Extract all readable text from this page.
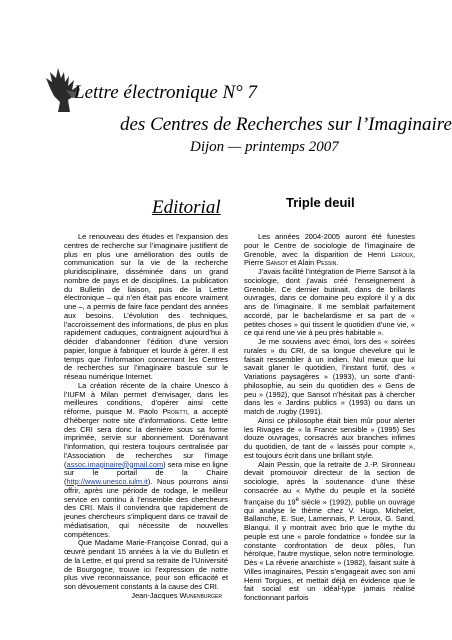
Lettre électronique N° 7
des Centres de Recherches sur l’Imaginaire
Dijon — printemps 2007
Editorial	Triple deuil

Le renouveau des études et l’expansion des centres de recherche sur l’imaginaire justifient de plus en plus une amélioration des outils de communication sur la vie de la recherche pluridisciplinaire, disséminée dans un grand nombre de pays et de disciplines. La publication du Bulletin de liaison, puis de la Lettre électronique – qui n’en était pas encore vraiment une –, a permis de faire face pendant des années aux besoins. L’évolution des techniques, l’accroissement des informations, de plus en plus rapidement caduques, contraignent aujourd’hui à décider d’abandonner l’édition d’une version papier, longue à fabriquer et lourde à gérer. Il est temps que l’information concernant les Centres de recherches sur l’imaginaire bascule sur le réseau numérique Internet.

La création récente de la chaire Unesco à l’IUFM à Milan permet d’envisager, dans les meilleures conditions, d’opérer ainsi cette réforme, puisque M. Paolo Proietti, a accepté d’héberger notre site d’informations. Cette lettre des CRI sera donc la dernière sous sa forme imprimée, servie sur abonnement. Dorénavant l’information, qui restera toujours centralisée par l’Association de recherches sur l’image (assoc.imaginaire@gmail.com) sera mise en ligne sur le portail de la Chaire (http://www.unesco.iulm.it). Nous pourrons ainsi offrir, après une période de rodage, le meilleur service en continu à l’ensemble des chercheurs des CRI. Mais il conviendra que rapidement de jeunes chercheurs s’impliquent dans ce travail de médiatisation, qui nécessite de nouvelles compétences.

Que Madame Marie-Françoise Conrad, qui a œuvré pendant 15 années à la vie du Bulletin et de la Lettre, et qui prend sa retraite de l’Université de Bourgogne, trouve ici l’expression de notre plus vive reconnaissance, pour son efficacité et son dévouement constants à la cause des CRI.

Jean-Jacques Wunenburger

Les années 2004-2005 auront été funestes pour le Centre de sociologie de l’imaginaire de Grenoble, avec la disparition de Henri Leroux, Pierre Sansot et Alain Pessin.

J’avais facilité l’intégration de Pierre Sansot à la sociologie, dont j’avais créé l’enseignement à Grenoble. Ce dernier butinait, dans de brillants ouvrages, dans ce domaine peu exploré il y a dix ans de l’imaginaire. Il me semblait parfaitement accordé, par le bachelardisme et sa part de « petites choses » qui tissent le quotidien d’une vie, « ce qui rend une vie à peu près habitable ».

Je me souviens avec émoi, lors des « soirées rurales » du CRI, de sa longue chevelure qui le faisait ressembler à un indien. Nul mieux que lui savait glaner le quotidien, l’instant furtif, des « Variations paysagères » (1993), un sorte d’anti-philosophie, au sein du quotidien des « Gens de peu » (1992), que Sansot n’hésitait pas à chercher dans les « Jardins publics » (1993) ou dans un match de .rugby (1991).

Ainsi ce philosophe était bien mûr pour alerter les Rivages de « la France sensible » (1995) Ses douze ouvrages, consacrés aux branches infimes du quotidien, de tant de « laissés pour compte », est toujours écrit dans une brillant style.

Alain Pessin, que la retraite de J.-P. Sironneau devait promouvoir directeur de la section de sociologie, après la soutenance d’une thèse consacrée au « Mythe du peuple et la société française du 19e siècle » (1992), publie un ouvrage qui analyse le thème chez V. Hugo, Michelet, Ballanche, E. Sue, Lamennais, P. Leroux, G. Sand, Blanqui. Il y montrait avec brio que le mythe du peuple est une « parole fondatrice » fondée sur la constante confrontation de deux pôles, l’un héroïque, l’autre mystique, selon notre terminologie. Dès « La rêverie anarchiste » (1982), faisant suite à Villes imaginaires, Pessin s’engageait avec son ami Henri Torgues, et mettait déjà en évidence que le fait social est un idéal-type jamais réalisé fonctionnant parfois
